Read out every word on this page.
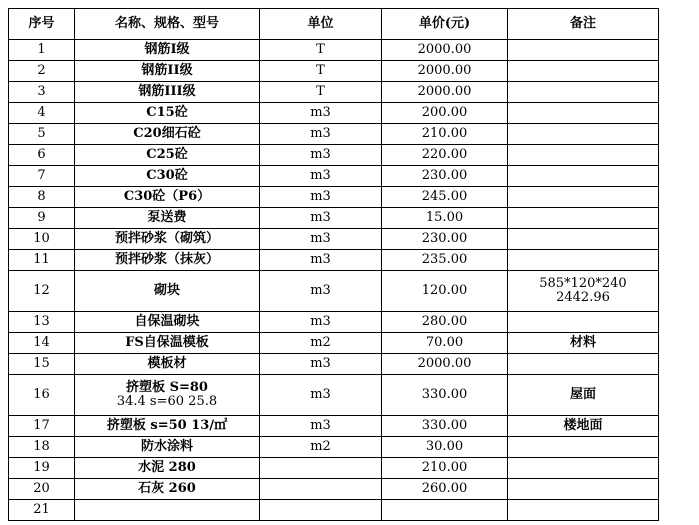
序号	名称、规格、型号	单位	单价(元)	备注
1	钢筋I级	T	2000.00	
2	钢筋II级	T	2000.00	
3	钢筋III级	T	2000.00	
4	C15砼	m3	200.00	
5	C20细石砼	m3	210.00	
6	C25砼	m3	220.00	
7	C30砼	m3	230.00	
8	C30砼（P6）	m3	245.00	
9	泵送费	m3	15.00	
10	预拌砂浆（砌筑）	m3	230.00	
11	预拌砂浆（抹灰）	m3	235.00	
12	砌块	m3	120.00	585*120*240
2442.96

13	自保温砌块	m3	280.00	
14	FS自保温模板	m2	70.00	材料
15	模板材	m3	2000.00	
16	挤塑板 S=80
34.4 s=60 25.8	m3	330.00	屋面
17	挤塑板 s=50 13/㎡	m3	330.00	楼地面
18	防水涂料	m2	30.00	
19	水泥 280		210.00	
20	石灰 260		260.00	
21				
